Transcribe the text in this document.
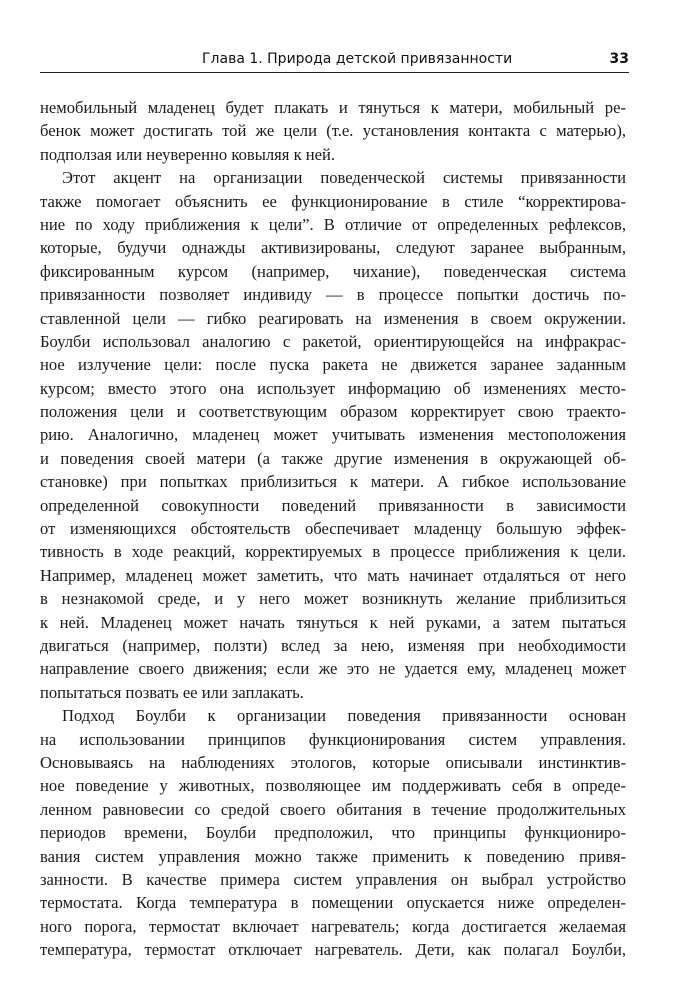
Глава 1. Природа детской привязанности	33
немобильный младенец будет плакать и тянуться к матери, мобильный ре-
бенок может достигать той же цели (т.е. установления контакта с матерью),
подползая или неуверенно ковыляя к ней.
Этот акцент на организации поведенческой системы привязанности
также помогает объяснить ее функционирование в стиле “корректирова-
ние по ходу приближения к цели”. В отличие от определенных рефлексов,
которые, будучи однажды активизированы, следуют заранее выбранным,
фиксированным курсом (например, чихание), поведенческая система
привязанности позволяет индивиду — в процессе попытки достичь по-
ставленной цели — гибко реагировать на изменения в своем окружении.
Боулби использовал аналогию с ракетой, ориентирующейся на инфракрас-
ное излучение цели: после пуска ракета не движется заранее заданным
курсом; вместо этого она использует информацию об изменениях место-
положения цели и соответствующим образом корректирует свою траекто-
рию. Аналогично, младенец может учитывать изменения местоположения
и поведения своей матери (а также другие изменения в окружающей об-
становке) при попытках приблизиться к матери. А гибкое использование
определенной совокупности поведений привязанности в зависимости
от изменяющихся обстоятельств обеспечивает младенцу большую эффек-
тивность в ходе реакций, корректируемых в процессе приближения к цели.
Например, младенец может заметить, что мать начинает отдаляться от него
в незнакомой среде, и у него может возникнуть желание приблизиться
к ней. Младенец может начать тянуться к ней руками, а затем пытаться
двигаться (например, ползти) вслед за нею, изменяя при необходимости
направление своего движения; если же это не удается ему, младенец может
попытаться позвать ее или заплакать.
Подход Боулби к организации поведения привязанности основан
на использовании принципов функционирования систем управления.
Основываясь на наблюдениях этологов, которые описывали инстинктив-
ное поведение у животных, позволяющее им поддерживать себя в опреде-
ленном равновесии со средой своего обитания в течение продолжительных
периодов времени, Боулби предположил, что принципы функциониро-
вания систем управления можно также применить к поведению привя-
занности. В качестве примера систем управления он выбрал устройство
термостата. Когда температура в помещении опускается ниже определен-
ного порога, термостат включает нагреватель; когда достигается желаемая
температура, термостат отключает нагреватель. Дети, как полагал Боулби,
